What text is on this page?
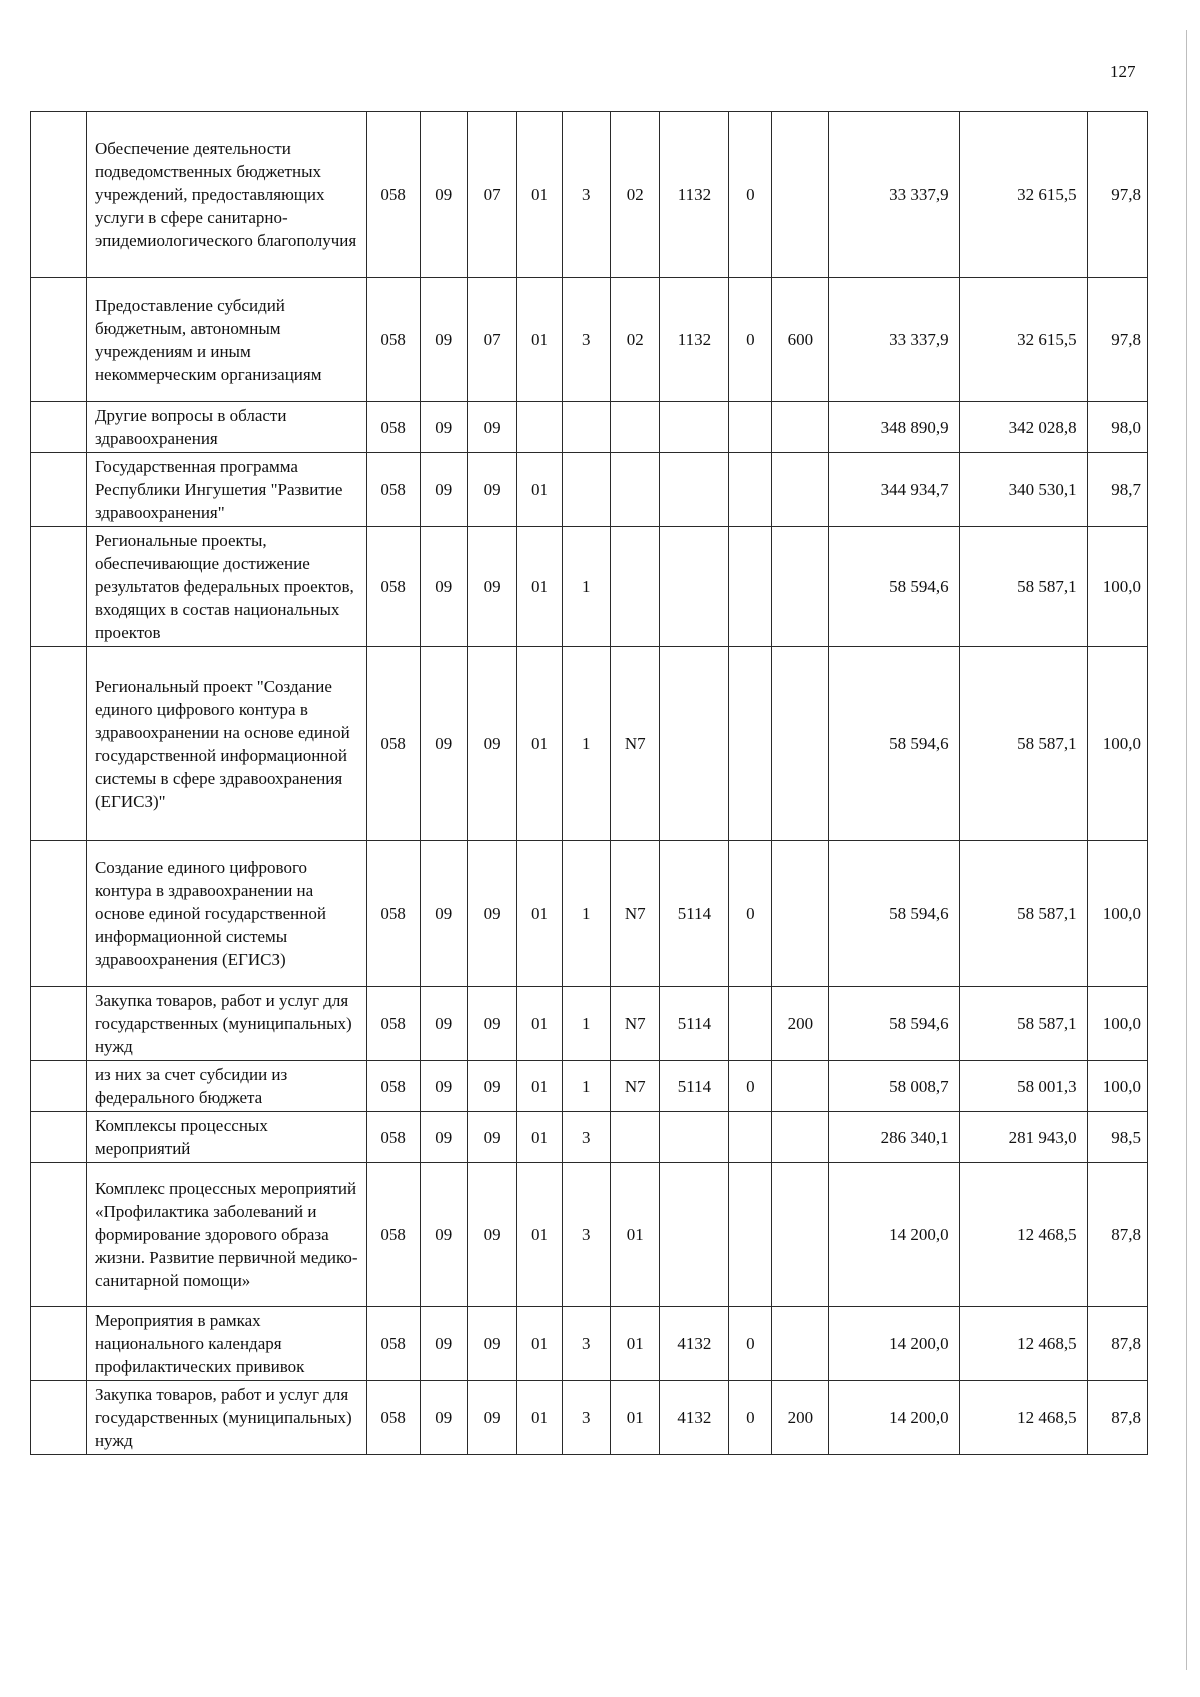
127
	Обеспечение деятельности подведомственных бюджетных учреждений, предоставляющих услуги в сфере санитарно-эпидемиологического благополучия	058	09	07	01	3	02	1132	0		33 337,9	32 615,5	97,8
	Предоставление субсидий бюджетным, автономным учреждениям и иным некоммерческим организациям	058	09	07	01	3	02	1132	0	600	33 337,9	32 615,5	97,8
	Другие вопросы в области здравоохранения	058	09	09							348 890,9	342 028,8	98,0
	Государственная программа Республики Ингушетия "Развитие здравоохранения"	058	09	09	01						344 934,7	340 530,1	98,7
	Региональные проекты, обеспечивающие достижение результатов федеральных проектов, входящих в состав национальных проектов	058	09	09	01	1					58 594,6	58 587,1	100,0
	Региональный проект "Создание единого цифрового контура в здравоохранении на основе единой государственной информационной системы в сфере здравоохранения (ЕГИСЗ)"	058	09	09	01	1	N7				58 594,6	58 587,1	100,0
	Создание единого цифрового контура в здравоохранении на основе единой государственной информационной системы здравоохранения (ЕГИСЗ)	058	09	09	01	1	N7	5114	0		58 594,6	58 587,1	100,0
	Закупка товаров, работ и услуг для государственных (муниципальных) нужд	058	09	09	01	1	N7	5114		200	58 594,6	58 587,1	100,0
	из них за счет субсидии из федерального бюджета	058	09	09	01	1	N7	5114	0		58 008,7	58 001,3	100,0
	Комплексы процессных мероприятий	058	09	09	01	3					286 340,1	281 943,0	98,5
	Комплекс процессных мероприятий «Профилактика заболеваний и формирование здорового образа жизни. Развитие первичной медико-санитарной помощи»	058	09	09	01	3	01				14 200,0	12 468,5	87,8
	Мероприятия в рамках национального календаря профилактических прививок	058	09	09	01	3	01	4132	0		14 200,0	12 468,5	87,8
	Закупка товаров, работ и услуг для государственных (муниципальных) нужд	058	09	09	01	3	01	4132	0	200	14 200,0	12 468,5	87,8
